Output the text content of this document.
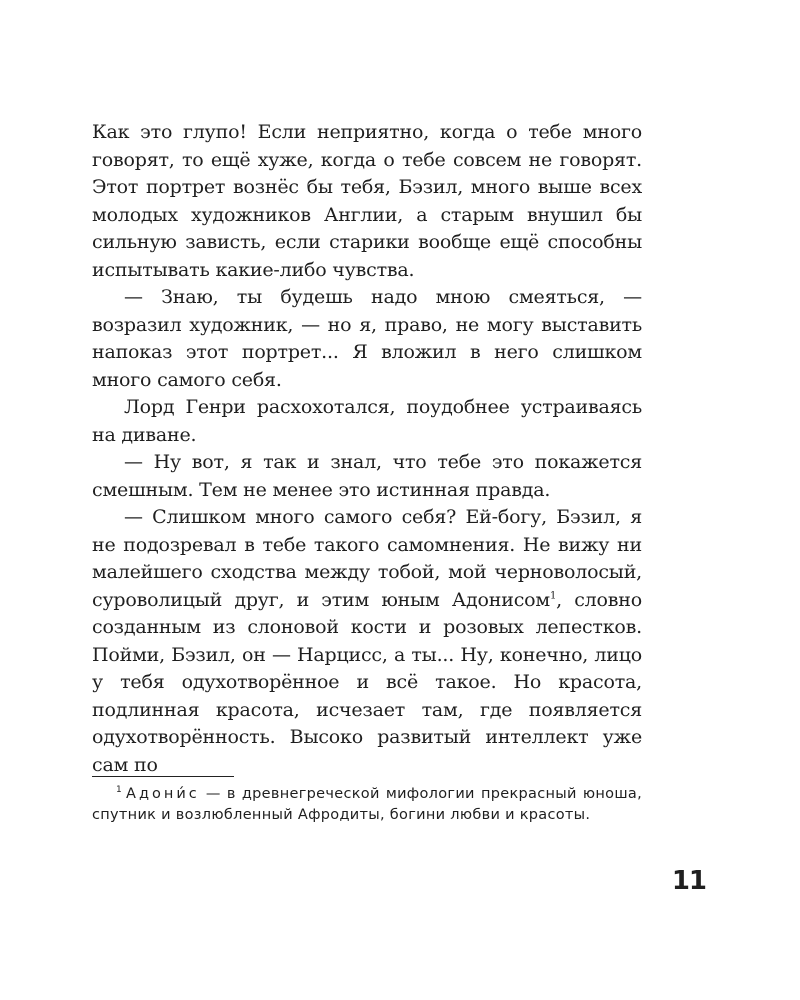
Как это глупо! Если неприятно, когда о тебе много говорят, то ещё хуже, когда о тебе совсем не говорят. Этот портрет вознёс бы тебя, Бэзил, много выше всех молодых художников Англии, а старым внушил бы сильную зависть, если старики вообще ещё способны испытывать какие-либо чувства.

— Знаю, ты будешь надо мною смеяться, — возразил художник, — но я, право, не могу выставить напоказ этот портрет... Я вложил в него слишком много самого себя.

Лорд Генри расхохотался, поудобнее устраиваясь на диване.

— Ну вот, я так и знал, что тебе это покажется смешным. Тем не менее это истинная правда.

— Слишком много самого себя? Ей-богу, Бэзил, я не подозревал в тебе такого самомнения. Не вижу ни малейшего сходства между тобой, мой черноволосый, суроволицый друг, и этим юным Адонисом$^1$, словно созданным из слоновой кости и розовых лепестков. Пойми, Бэзил, он — Нарцисс, а ты... Ну, конечно, лицо у тебя одухотворённое и всё такое. Но красота, подлинная красота, исчезает там, где появляется одухотворённость. Высоко развитый интеллект уже сам по

$^1$ Адони́с — в древнегреческой мифологии прекрасный юноша, спутник и возлюбленный Афродиты, богини любви и красоты.
11
